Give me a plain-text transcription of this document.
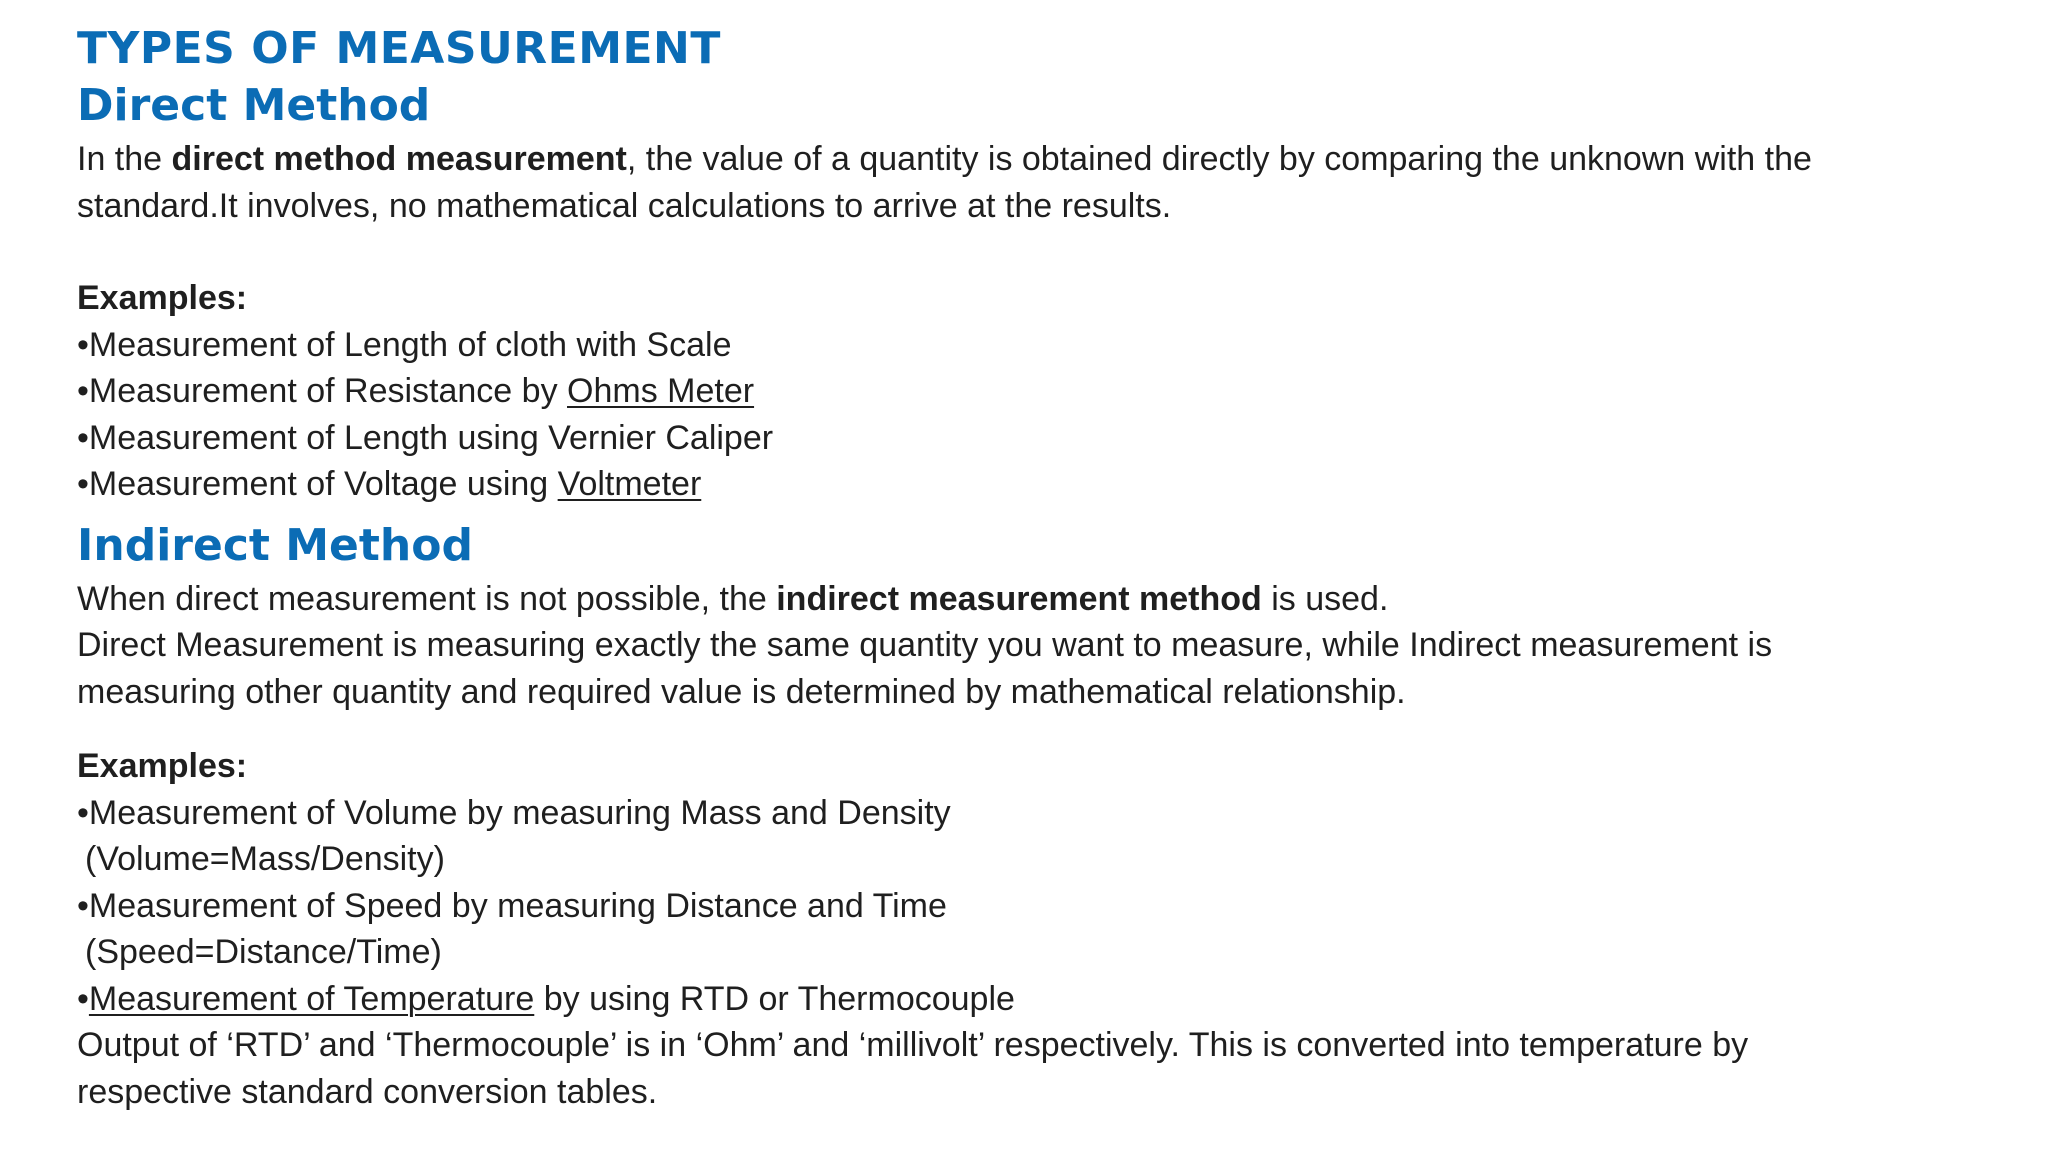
TYPES OF MEASUREMENT
Direct Method

In the direct method measurement, the value of a quantity is obtained directly by comparing the unknown with the

standard.It involves, no mathematical calculations to arrive at the results.

Examples:

•Measurement of Length of cloth with Scale

•Measurement of Resistance by Ohms Meter

•Measurement of Length using Vernier Caliper

•Measurement of Voltage using Voltmeter

Indirect Method

When direct measurement is not possible, the indirect measurement method is used.

Direct Measurement is measuring exactly the same quantity you want to measure, while Indirect measurement is

measuring other quantity and required value is determined by mathematical relationship.

Examples:

•Measurement of Volume by measuring Mass and Density

(Volume=Mass/Density)

•Measurement of Speed by measuring Distance and Time

(Speed=Distance/Time)

•Measurement of Temperature by using RTD or Thermocouple

Output of ‘RTD’ and ‘Thermocouple’ is in ‘Ohm’ and ‘millivolt’ respectively. This is converted into temperature by

respective standard conversion tables.
